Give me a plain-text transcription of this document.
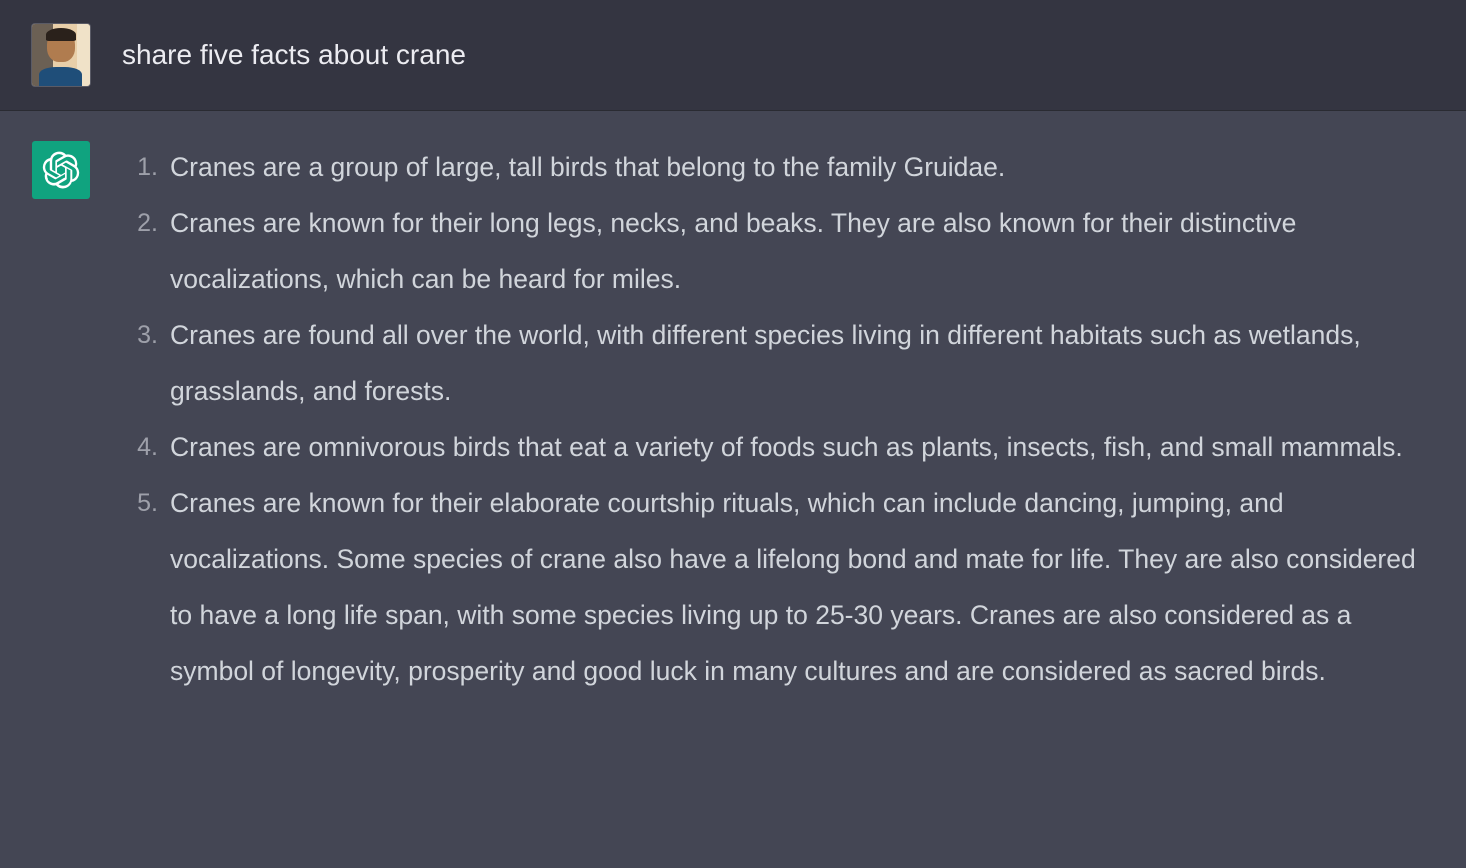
share five facts about crane
Cranes are a group of large, tall birds that belong to the family Gruidae.
Cranes are known for their long legs, necks, and beaks. They are also known for their distinctive vocalizations, which can be heard for miles.
Cranes are found all over the world, with different species living in different habitats such as wetlands, grasslands, and forests.
Cranes are omnivorous birds that eat a variety of foods such as plants, insects, fish, and small mammals.
Cranes are known for their elaborate courtship rituals, which can include dancing, jumping, and vocalizations. Some species of crane also have a lifelong bond and mate for life. They are also considered to have a long life span, with some species living up to 25-30 years. Cranes are also considered as a symbol of longevity, prosperity and good luck in many cultures and are considered as sacred birds.
